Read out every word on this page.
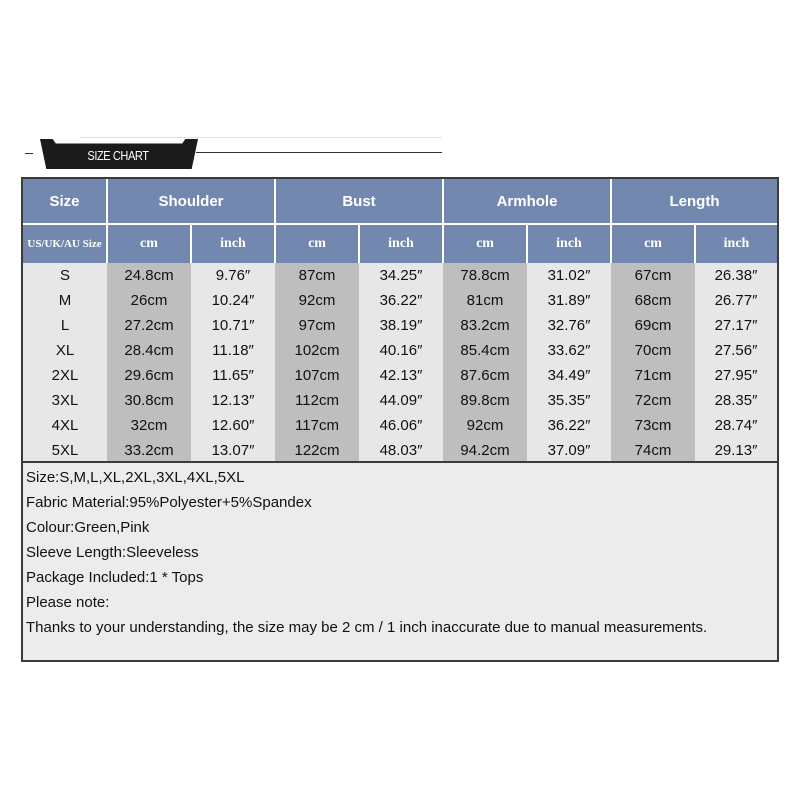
SIZE CHART
Size	Shoulder		Bust		Armhole		Length	
US/UK/AU Size	cm	inch	cm	inch	cm	inch	cm	inch
S	24.8cm	9.76″	87cm	34.25″	78.8cm	31.02″	67cm	26.38″
M	26cm	10.24″	92cm	36.22″	81cm	31.89″	68cm	26.77″
L	27.2cm	10.71″	97cm	38.19″	83.2cm	32.76″	69cm	27.17″
XL	28.4cm	11.18″	102cm	40.16″	85.4cm	33.62″	70cm	27.56″
2XL	29.6cm	11.65″	107cm	42.13″	87.6cm	34.49″	71cm	27.95″
3XL	30.8cm	12.13″	112cm	44.09″	89.8cm	35.35″	72cm	28.35″
4XL	32cm	12.60″	117cm	46.06″	92cm	36.22″	73cm	28.74″
5XL	33.2cm	13.07″	122cm	48.03″	94.2cm	37.09″	74cm	29.13″
Size:S,M,L,XL,2XL,3XL,4XL,5XL
Fabric Material:95%Polyester+5%Spandex
Colour:Green,Pink
Sleeve Length:Sleeveless
Package Included:1 * Tops
Please note:
Thanks to your understanding, the size may be 2 cm / 1 inch inaccurate due to manual measurements.
